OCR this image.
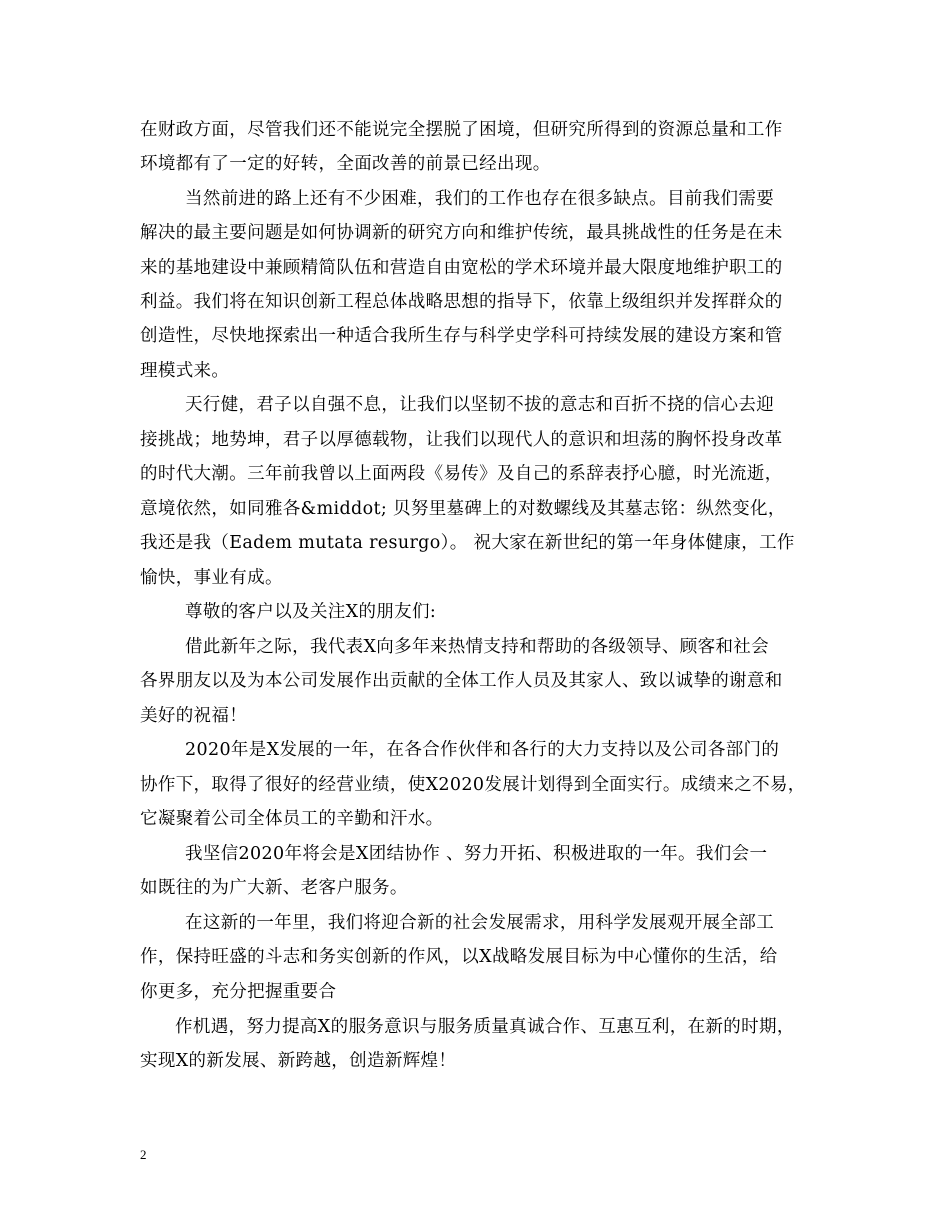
在财政方面，尽管我们还不能说完全摆脱了困境，但研究所得到的资源总量和工作
环境都有了一定的好转，全面改善的前景已经出现。
当然前进的路上还有不少困难，我们的工作也存在很多缺点。目前我们需要
解决的最主要问题是如何协调新的研究方向和维护传统，最具挑战性的任务是在未
来的基地建设中兼顾精简队伍和营造自由宽松的学术环境并最大限度地维护职工的
利益。我们将在知识创新工程总体战略思想的指导下，依靠上级组织并发挥群众的
创造性，尽快地探索出一种适合我所生存与科学史学科可持续发展的建设方案和管
理模式来。
天行健，君子以自强不息，让我们以坚韧不拔的意志和百折不挠的信心去迎
接挑战；地势坤，君子以厚德载物，让我们以现代人的意识和坦荡的胸怀投身改革
的时代大潮。三年前我曾以上面两段《易传》及自己的系辞表抒心臆，时光流逝，
意境依然，如同雅各&middot; 贝努里墓碑上的对数螺线及其墓志铭：纵然变化，
我还是我（Eadem mutata resurgo）。 祝大家在新世纪的第一年身体健康，工作
愉快，事业有成。
尊敬的客户以及关注X的朋友们:
借此新年之际，我代表X向多年来热情支持和帮助的各级领导、顾客和社会
各界朋友以及为本公司发展作出贡献的全体工作人员及其家人、致以诚挚的谢意和
美好的祝福！
2020年是X发展的一年，在各合作伙伴和各行的大力支持以及公司各部门的
协作下，取得了很好的经营业绩，使X2020发展计划得到全面实行。成绩来之不易，
它凝聚着公司全体员工的辛勤和汗水。
我坚信2020年将会是X团结协作 、努力开拓、积极进取的一年。我们会一
如既往的为广大新、老客户服务。
在这新的一年里，我们将迎合新的社会发展需求，用科学发展观开展全部工
作，保持旺盛的斗志和务实创新的作风，以X战略发展目标为中心懂你的生活，给
你更多，充分把握重要合
作机遇，努力提高X的服务意识与服务质量真诚合作、互惠互利，在新的时期，
实现X的新发展、新跨越，创造新辉煌！
2
